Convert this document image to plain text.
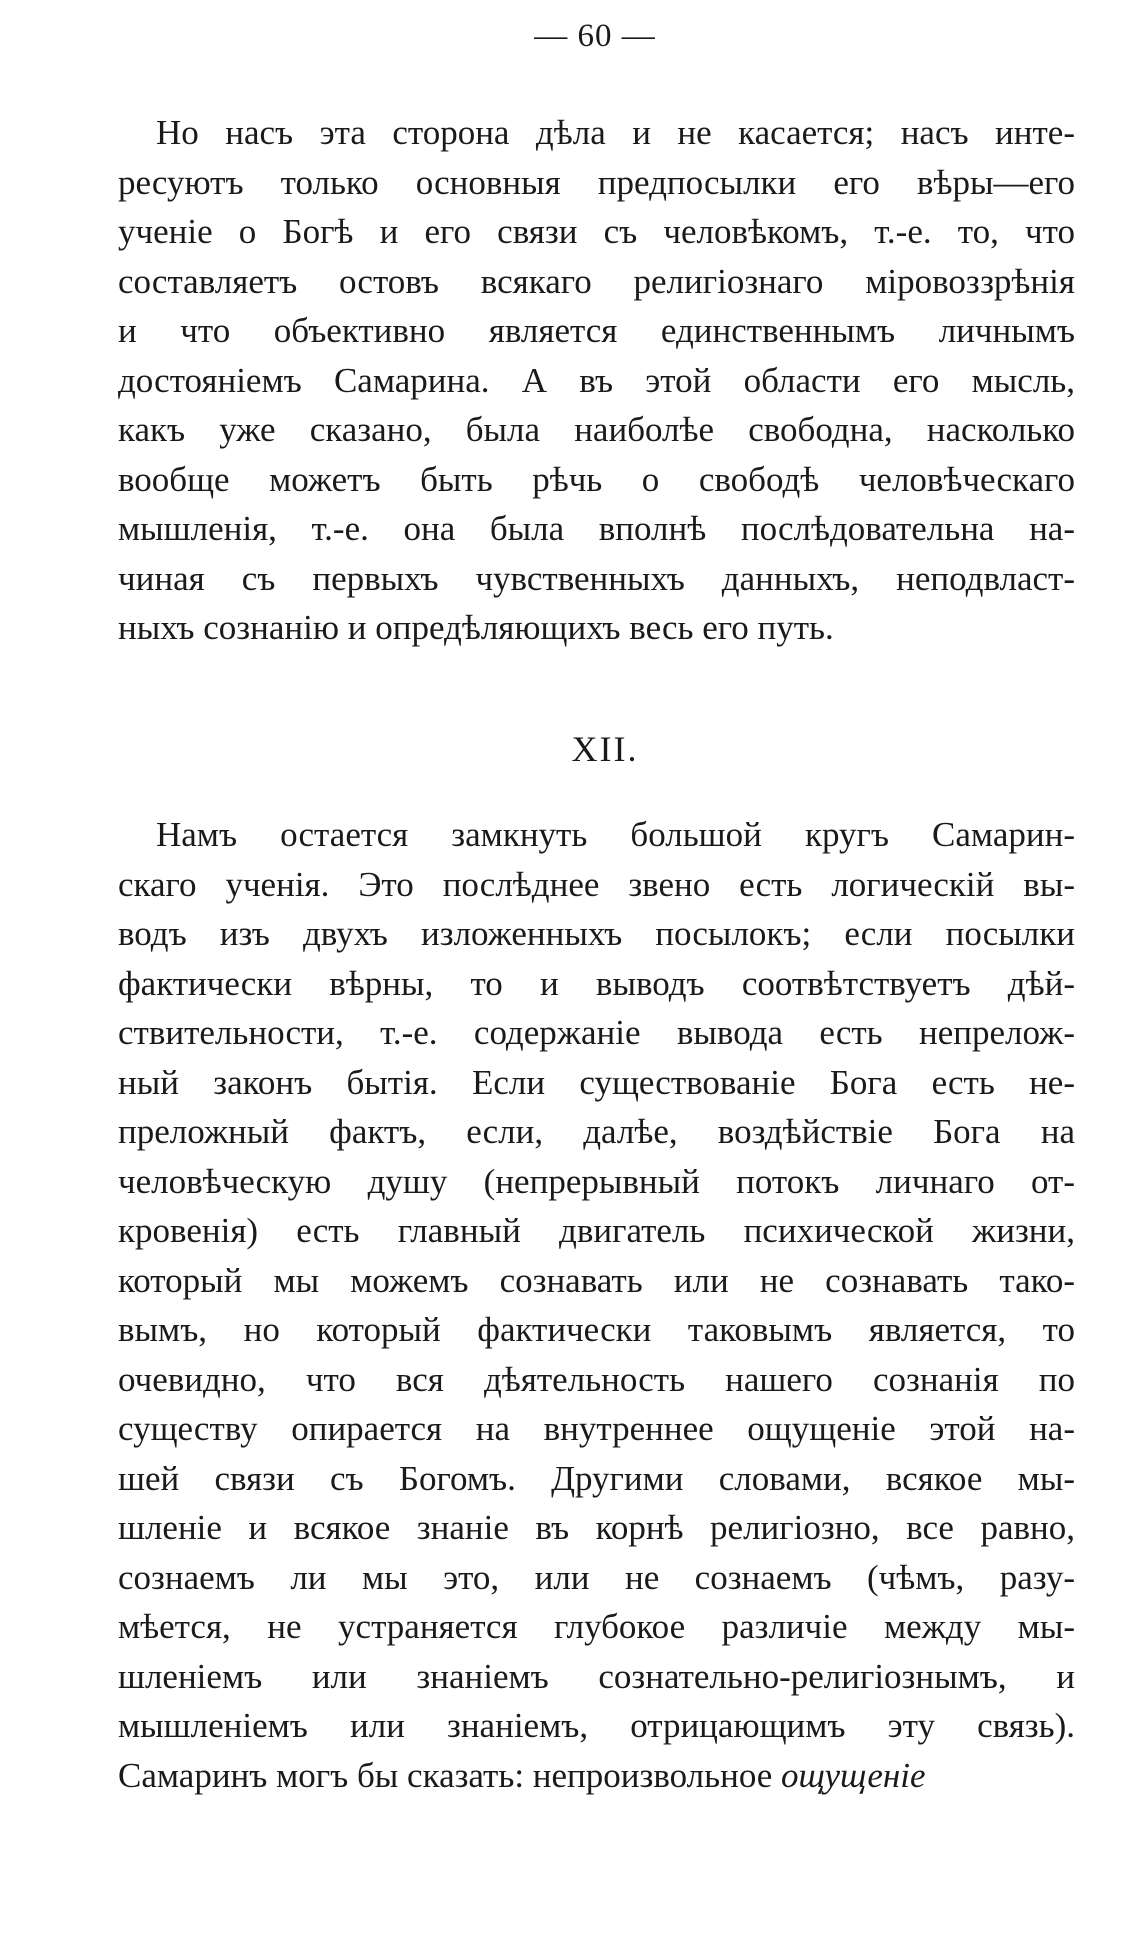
— 60 —
Но насъ эта сторона дѣла и не касается; насъ инте-
ресуютъ только основныя предпосылки его вѣры—его
ученіе о Богѣ и его связи съ человѣкомъ, т.-е. то, что
составляетъ остовъ всякаго религіознаго міровоззрѣнія
и что объективно является единственнымъ личнымъ
достояніемъ Самарина. А въ этой области его мысль,
какъ уже сказано, была наиболѣе свободна, насколько
вообще можетъ быть рѣчь о свободѣ человѣческаго
мышленія, т.-е. она была вполнѣ послѣдовательна на-
чиная съ первыхъ чувственныхъ данныхъ, неподвласт-
ныхъ сознанію и опредѣляющихъ весь его путь.
XII.
Намъ остается замкнуть большой кругъ Самарин-
скаго ученія. Это послѣднее звено есть логическій вы-
водъ изъ двухъ изложенныхъ посылокъ; если посылки
фактически вѣрны, то и выводъ соотвѣтствуетъ дѣй-
ствительности, т.-е. содержаніе вывода есть непрелож-
ный законъ бытія. Если существованіе Бога есть не-
преложный фактъ, если, далѣе, воздѣйствіе Бога на
человѣческую душу (непрерывный потокъ личнаго от-
кровенія) есть главный двигатель психической жизни,
который мы можемъ сознавать или не сознавать тако-
вымъ, но который фактически таковымъ является, то
очевидно, что вся дѣятельность нашего сознанія по
существу опирается на внутреннее ощущеніе этой на-
шей связи съ Богомъ. Другими словами, всякое мы-
шленіе и всякое знаніе въ корнѣ религіозно, все равно,
сознаемъ ли мы это, или не сознаемъ (чѣмъ, разу-
мѣется, не устраняется глубокое различіе между мы-
шленіемъ или знаніемъ сознательно-религіознымъ, и
мышленіемъ или знаніемъ, отрицающимъ эту связь).
Самаринъ могъ бы сказать: непроизвольное ощущеніе
